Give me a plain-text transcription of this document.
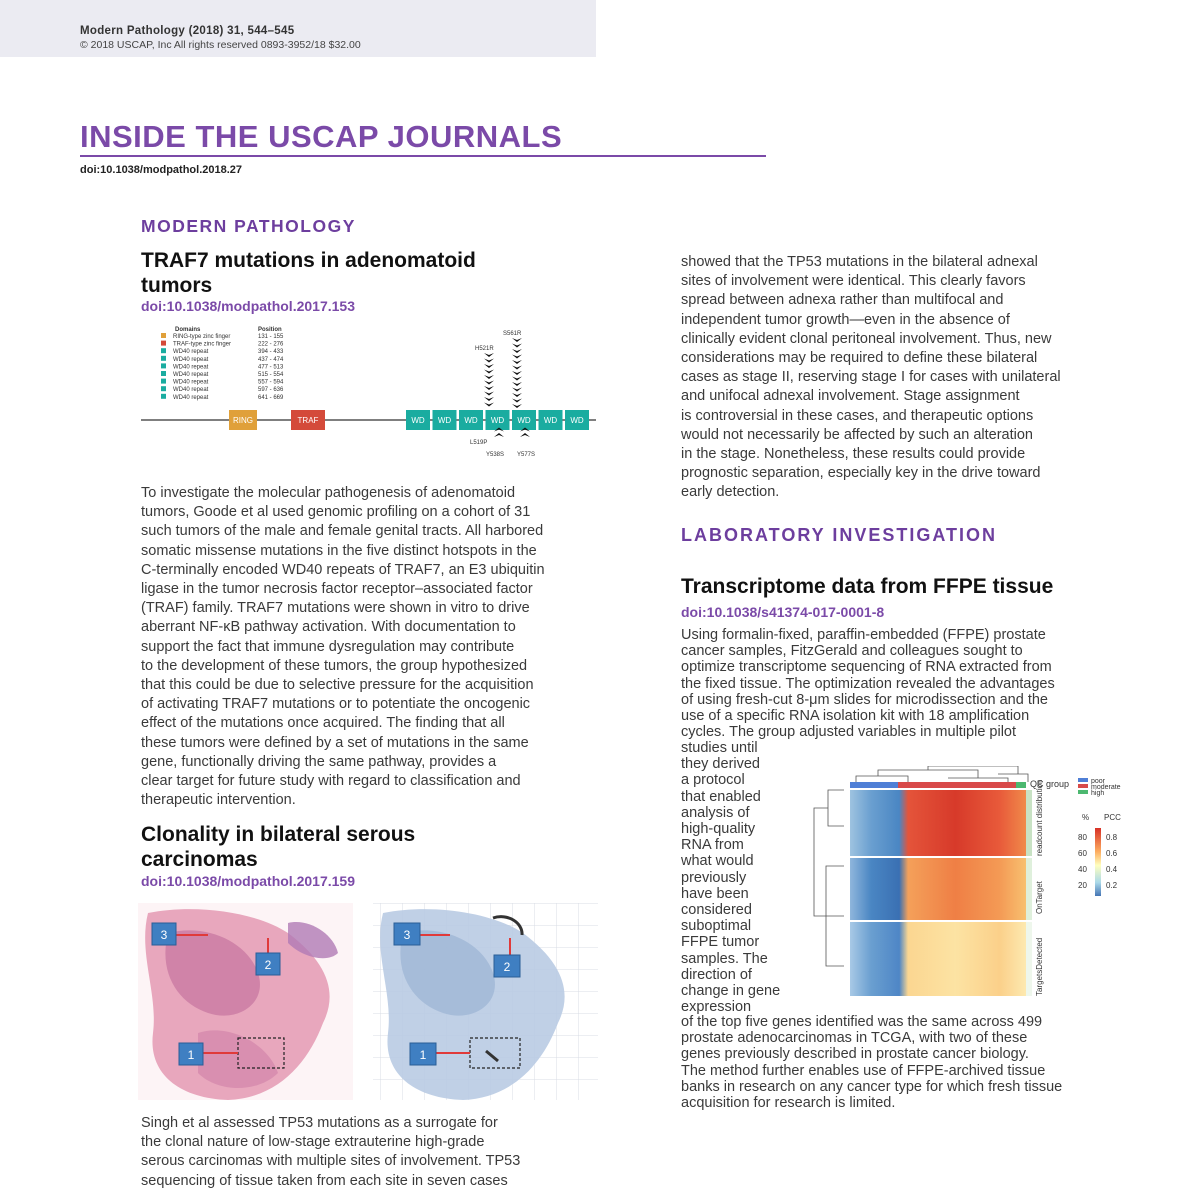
Modern Pathology (2018) 31, 544–545
© 2018 USCAP, Inc All rights reserved 0893-3952/18 $32.00
INSIDE THE USCAP JOURNALS
doi:10.1038/modpathol.2018.27
MODERN PATHOLOGY
TRAF7 mutations in adenomatoid
tumors
doi:10.1038/modpathol.2017.153
Domains	Position
RING-type zinc finger	131 - 155
TRAF-type zinc finger	222 - 276
WD40 repeat	394 - 433
WD40 repeat	437 - 474
WD40 repeat	477 - 513
WD40 repeat	515 - 554
WD40 repeat	557 - 594
WD40 repeat	597 - 636
WD40 repeat	641 - 669
RING	TRAF	WD WD WD WD WD WD WD
H521R
S561R
L519P
Y538S Y577S
To investigate the molecular pathogenesis of adenomatoid
tumors, Goode et al used genomic profiling on a cohort of 31
such tumors of the male and female genital tracts. All harbored
somatic missense mutations in the five distinct hotspots in the
C-terminally encoded WD40 repeats of TRAF7, an E3 ubiquitin
ligase in the tumor necrosis factor receptor–associated factor
(TRAF) family. TRAF7 mutations were shown in vitro to drive
aberrant NF-κB pathway activation. With documentation to
support the fact that immune dysregulation may contribute
to the development of these tumors, the group hypothesized
that this could be due to selective pressure for the acquisition
of activating TRAF7 mutations or to potentiate the oncogenic
effect of the mutations once acquired. The finding that all
these tumors were defined by a set of mutations in the same
gene, functionally driving the same pathway, provides a
clear target for future study with regard to classification and
therapeutic intervention.
Clonality in bilateral serous
carcinomas
doi:10.1038/modpathol.2017.159
3
2
1
3
2
1
Singh et al assessed TP53 mutations as a surrogate for
the clonal nature of low-stage extrauterine high-grade
serous carcinomas with multiple sites of involvement. TP53
sequencing of tissue taken from each site in seven cases
showed that the TP53 mutations in the bilateral adnexal
sites of involvement were identical. This clearly favors
spread between adnexa rather than multifocal and
independent tumor growth—even in the absence of
clinically evident clonal peritoneal involvement. Thus, new
considerations may be required to define these bilateral
cases as stage II, reserving stage I for cases with unilateral
and unifocal adnexal involvement. Stage assignment
is controversial in these cases, and therapeutic options
would not necessarily be affected by such an alteration
in the stage. Nonetheless, these results could provide
prognostic separation, especially key in the drive toward
early detection.
LABORATORY INVESTIGATION
Transcriptome data from FFPE tissue
doi:10.1038/s41374-017-0001-8
Using formalin-fixed, paraffin-embedded (FFPE) prostate
cancer samples, FitzGerald and colleagues sought to
optimize transcriptome sequencing of RNA extracted from
the fixed tissue. The optimization revealed the advantages
of using fresh-cut 8-μm slides for microdissection and the
use of a specific RNA isolation kit with 18 amplification
cycles. The group adjusted variables in multiple pilot
studies until
they derived
a protocol
that enabled
analysis of
high-quality
RNA from
what would
previously
have been
considered
suboptimal
FFPE tumor
samples. The
direction of
change in gene
expression
of the top five genes identified was the same across 499
prostate adenocarcinomas in TCGA, with two of these
genes previously described in prostate cancer biology.
The method further enables use of FFPE-archived tissue
banks in research on any cancer type for which fresh tissue
acquisition for research is limited.
readcount distribution
OnTarget
TargetsDetected
QC group	poor
moderate
high
% PCC
80
60
40
20
0.8
0.6
0.4
0.2
